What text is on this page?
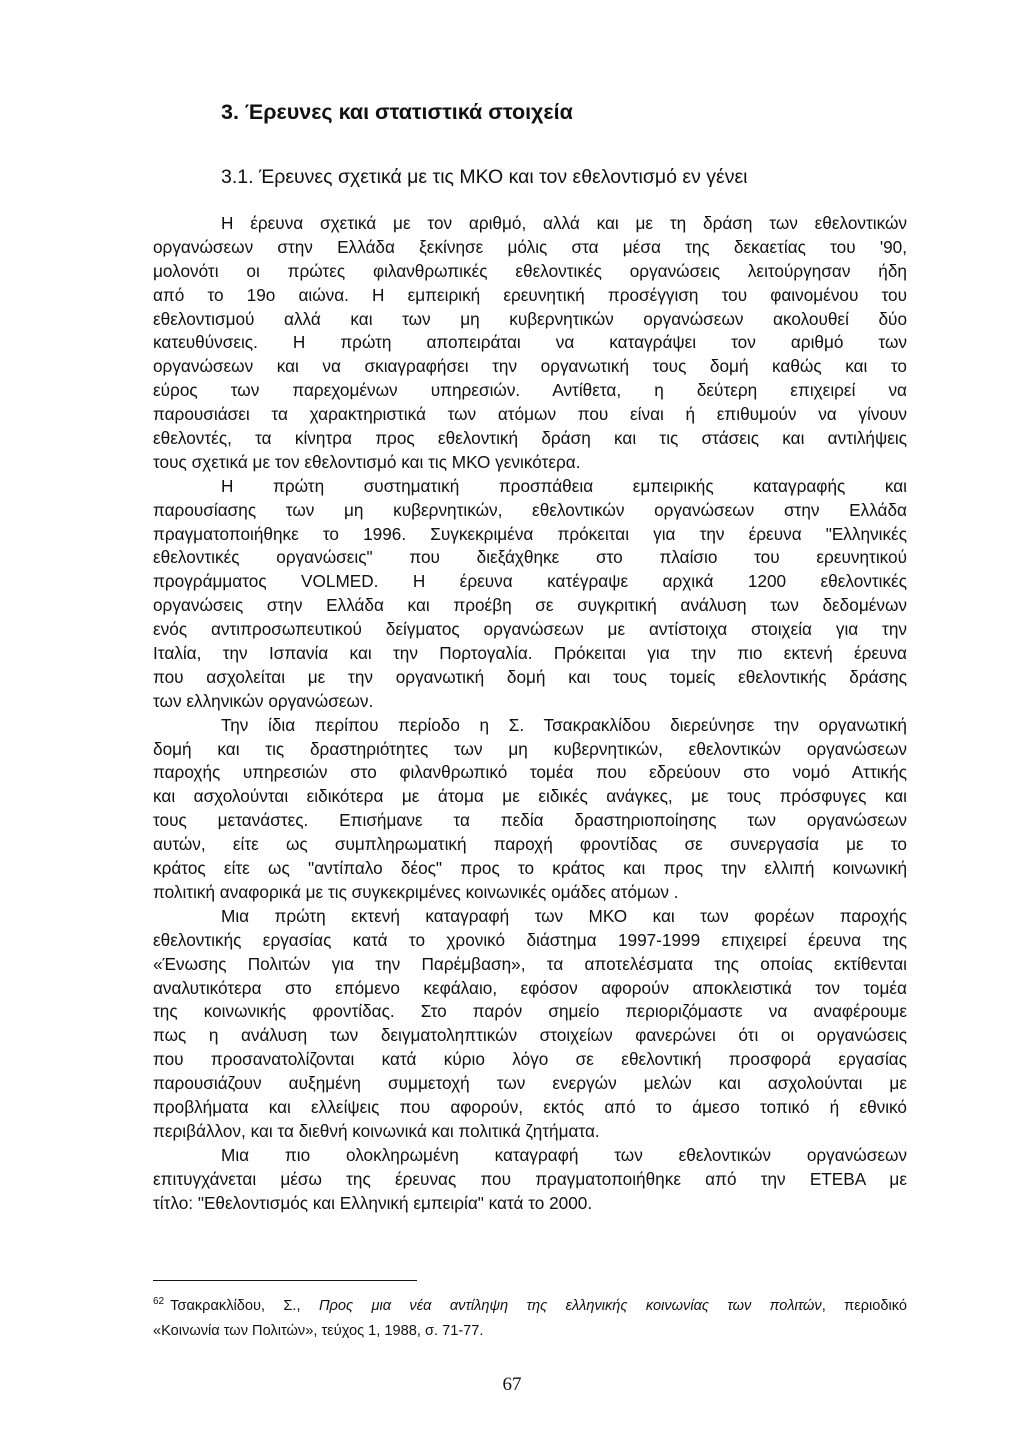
3. Έρευνες και στατιστικά στοιχεία
3.1. Έρευνες σχετικά με τις ΜΚΟ και τον εθελοντισμό εν γένει
Η έρευνα σχετικά με τον αριθμό, αλλά και με τη δράση των εθελοντικών
οργανώσεων στην Ελλάδα ξεκίνησε μόλις στα μέσα της δεκαετίας του '90,
μολονότι οι πρώτες φιλανθρωπικές εθελοντικές οργανώσεις λειτούργησαν ήδη
από το 19ο αιώνα. Η εμπειρική ερευνητική προσέγγιση του φαινομένου του
εθελοντισμού αλλά και των μη κυβερνητικών οργανώσεων ακολουθεί δύο
κατευθύνσεις. Η πρώτη αποπειράται να καταγράψει τον αριθμό των
οργανώσεων και να σκιαγραφήσει την οργανωτική τους δομή καθώς και το
εύρος των παρεχομένων υπηρεσιών. Αντίθετα, η δεύτερη επιχειρεί να
παρουσιάσει τα χαρακτηριστικά των ατόμων που είναι ή επιθυμούν να γίνουν
εθελοντές, τα κίνητρα προς εθελοντική δράση και τις στάσεις και αντιλήψεις
τους σχετικά με τον εθελοντισμό και τις ΜΚΟ γενικότερα.
Η πρώτη συστηματική προσπάθεια εμπειρικής καταγραφής και
παρουσίασης των μη κυβερνητικών, εθελοντικών οργανώσεων στην Ελλάδα
πραγματοποιήθηκε το 1996. Συγκεκριμένα πρόκειται για την έρευνα "Ελληνικές
εθελοντικές οργανώσεις" που διεξάχθηκε στο πλαίσιο του ερευνητικού
προγράμματος VOLMED. Η έρευνα κατέγραψε αρχικά 1200 εθελοντικές
οργανώσεις στην Ελλάδα και προέβη σε συγκριτική ανάλυση των δεδομένων
ενός αντιπροσωπευτικού δείγματος οργανώσεων με αντίστοιχα στοιχεία για την
Ιταλία, την Ισπανία και την Πορτογαλία. Πρόκειται για την πιο εκτενή έρευνα
που ασχολείται με την οργανωτική δομή και τους τομείς εθελοντικής δράσης
των ελληνικών οργανώσεων.
Την ίδια περίπου περίοδο η Σ. Τσακρακλίδου διερεύνησε την οργανωτική
δομή και τις δραστηριότητες των μη κυβερνητικών, εθελοντικών οργανώσεων
παροχής υπηρεσιών στο φιλανθρωπικό τομέα που εδρεύουν στο νομό Αττικής
και ασχολούνται ειδικότερα με άτομα με ειδικές ανάγκες, με τους πρόσφυγες και
τους μετανάστες. Επισήμανε τα πεδία δραστηριοποίησης των οργανώσεων
αυτών, είτε ως συμπληρωματική παροχή φροντίδας σε συνεργασία με το
κράτος είτε ως "αντίπαλο δέος" προς το κράτος και προς την ελλιπή κοινωνική
πολιτική αναφορικά με τις συγκεκριμένες κοινωνικές ομάδες ατόμων .
Μια πρώτη εκτενή καταγραφή των ΜΚΟ και των φορέων παροχής
εθελοντικής εργασίας κατά το χρονικό διάστημα 1997-1999 επιχειρεί έρευνα της
«Ένωσης Πολιτών για την Παρέμβαση», τα αποτελέσματα της οποίας εκτίθενται
αναλυτικότερα στο επόμενο κεφάλαιο, εφόσον αφορούν αποκλειστικά τον τομέα
της κοινωνικής φροντίδας. Στο παρόν σημείο περιοριζόμαστε να αναφέρουμε
πως η ανάλυση των δειγματοληπτικών στοιχείων φανερώνει ότι οι οργανώσεις
που προσανατολίζονται κατά κύριο λόγο σε εθελοντική προσφορά εργασίας
παρουσιάζουν αυξημένη συμμετοχή των ενεργών μελών και ασχολούνται με
προβλήματα και ελλείψεις που αφορούν, εκτός από το άμεσο τοπικό ή εθνικό
περιβάλλον, και τα διεθνή κοινωνικά και πολιτικά ζητήματα.
Μια πιο ολοκληρωμένη καταγραφή των εθελοντικών οργανώσεων
επιτυγχάνεται μέσω της έρευνας που πραγματοποιήθηκε από την ΕΤΕΒΑ με
τίτλο: "Εθελοντισμός και Ελληνική εμπειρία" κατά το 2000.
$^{62}$ Τσακρακλίδου, Σ., Προς μια νέα αντίληψη της ελληνικής κοινωνίας των πολιτών, περιοδικό
«Κοινωνία των Πολιτών», τεύχος 1, 1988, σ. 71-77.
67
